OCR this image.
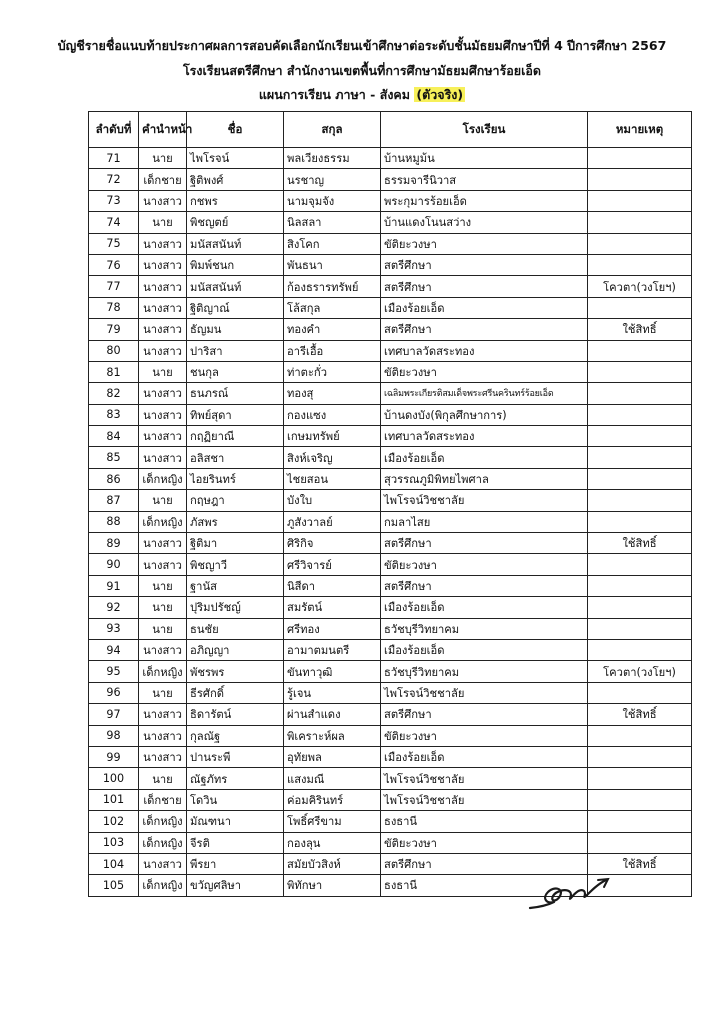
บัญชีรายชื่อแนบท้ายประกาศผลการสอบคัดเลือกนักเรียนเข้าศึกษาต่อระดับชั้นมัธยมศึกษาปีที่ 4 ปีการศึกษา 2567
โรงเรียนสตรีศึกษา สำนักงานเขตพื้นที่การศึกษามัธยมศึกษาร้อยเอ็ด
แผนการเรียน ภาษา - สังคม (ตัวจริง)
ลำดับที่	คำนำหน้า	ชื่อ	สกุล	โรงเรียน	หมายเหตุ
71	นาย	ไพโรจน์	พลเวียงธรรม	บ้านหมูม้น	
72	เด็กชาย	ฐิติพงศ์	นรชาญ	ธรรมจารีนิวาส	
73	นางสาว	กชพร	นามจุมจัง	พระกุมารร้อยเอ็ด	
74	นาย	พิชญตย์	นิลสลา	บ้านแดงโนนสว่าง	
75	นางสาว	มนัสสนันท์	สิงโคก	ขัติยะวงษา	
76	นางสาว	พิมพ์ชนก	พันธนา	สตรีศึกษา	
77	นางสาว	มนัสสนันท์	ก้องธรารทรัพย์	สตรีศึกษา	โควตา(วงโยฯ)
78	นางสาว	ฐิติญาณ์	โล้สกุล	เมืองร้อยเอ็ด	
79	นางสาว	ธัญมน	ทองคำ	สตรีศึกษา	ใช้สิทธิ์
80	นางสาว	ปาริสา	อารีเอื้อ	เทศบาลวัดสระทอง	
81	นาย	ชนกุล	ท่าตะกั่ว	ขัติยะวงษา	
82	นางสาว	ธนภรณ์	ทองสุ	เฉลิมพระเกียรติสมเด็จพระศรีนครินทร์ร้อยเอ็ด	
83	นางสาว	ทิพย์สุดา	กองแซง	บ้านดงบัง(พิกุลศึกษาการ)	
84	นางสาว	กฤฏิยาณี	เกษมทรัพย์	เทศบาลวัดสระทอง	
85	นางสาว	อลิสชา	สิงห์เจริญ	เมืองร้อยเอ็ด	
86	เด็กหญิง	ไอยรินทร์	ไชยสอน	สุวรรณภูมิพิทยไพศาล	
87	นาย	กฤษฎา	บังใบ	ไพโรจน์วิชชาลัย	
88	เด็กหญิง	ภัสพร	ภูสังวาลย์	กมลาไสย	
89	นางสาว	ฐิติมา	ศิริกิจ	สตรีศึกษา	ใช้สิทธิ์
90	นางสาว	พิชญาวี	ศรีวิจารย์	ขัติยะวงษา	
91	นาย	ฐานัส	นิสีดา	สตรีศึกษา	
92	นาย	ปุริมปรัชญ์	สมรัตน์	เมืองร้อยเอ็ด	
93	นาย	ธนชัย	ศรีทอง	ธวัชบุรีวิทยาคม	
94	นางสาว	อภิญญา	อามาตมนตรี	เมืองร้อยเอ็ด	
95	เด็กหญิง	พัชรพร	ขันทาวุฒิ	ธวัชบุรีวิทยาคม	โควตา(วงโยฯ)
96	นาย	ธีรศักดิ์	รู้เจน	ไพโรจน์วิชชาลัย	
97	นางสาว	ธิดารัตน์	ผ่านสำแดง	สตรีศึกษา	ใช้สิทธิ์
98	นางสาว	กุลณัฐ	พิเคราะห์ผล	ขัติยะวงษา	
99	นางสาว	ปานระพี	อุทัยพล	เมืองร้อยเอ็ด	
100	นาย	ณัฐภัทร	แสงมณี	ไพโรจน์วิชชาลัย	
101	เด็กชาย	โดวิน	ค่อมคิรินทร์	ไพโรจน์วิชชาลัย	
102	เด็กหญิง	มัณฑนา	โพธิ์ศรีขาม	ธงธานี	
103	เด็กหญิง	จีรติ	กองลุน	ขัติยะวงษา	
104	นางสาว	พีรยา	สมัยบัวสิงห์	สตรีศึกษา	ใช้สิทธิ์
105	เด็กหญิง	ขวัญศลิษา	พิทักษา	ธงธานี	
